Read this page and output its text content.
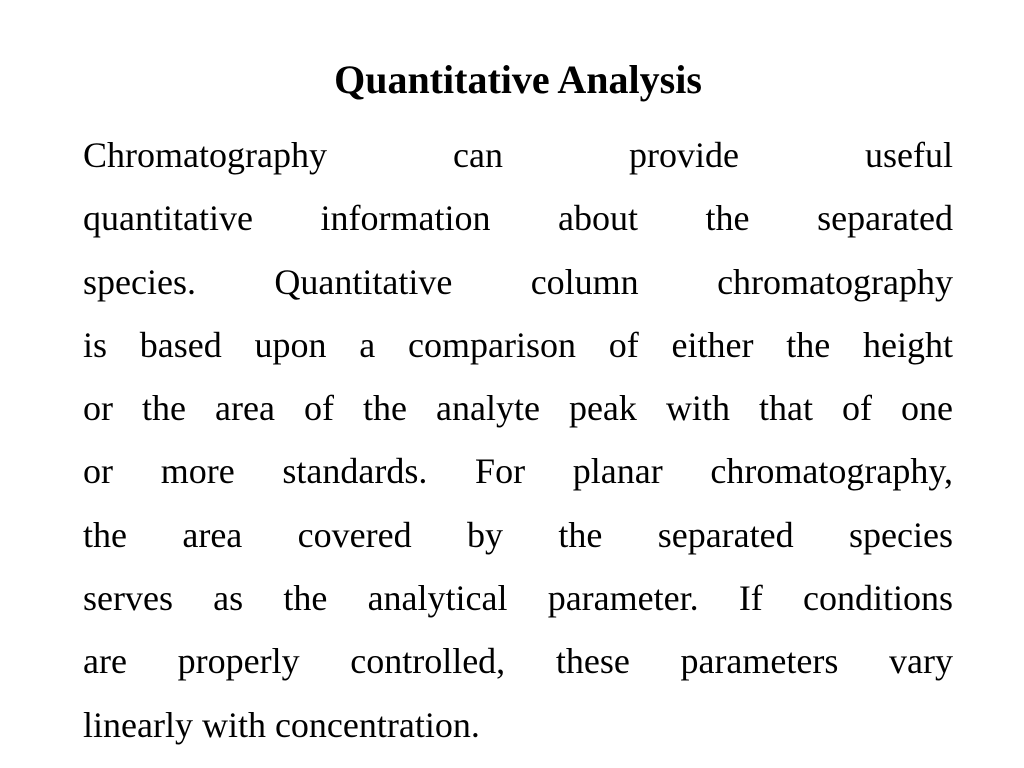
Quantitative Analysis
Chromatography	can	provide	useful
quantitative information about the separated
species. Quantitative column chromatography
is based upon a comparison of either the height
or the area of the analyte peak with that of one
or more standards. For planar chromatography,
the area covered by the separated species
serves as the analytical parameter. If conditions
are properly controlled, these parameters vary
linearly with concentration.
